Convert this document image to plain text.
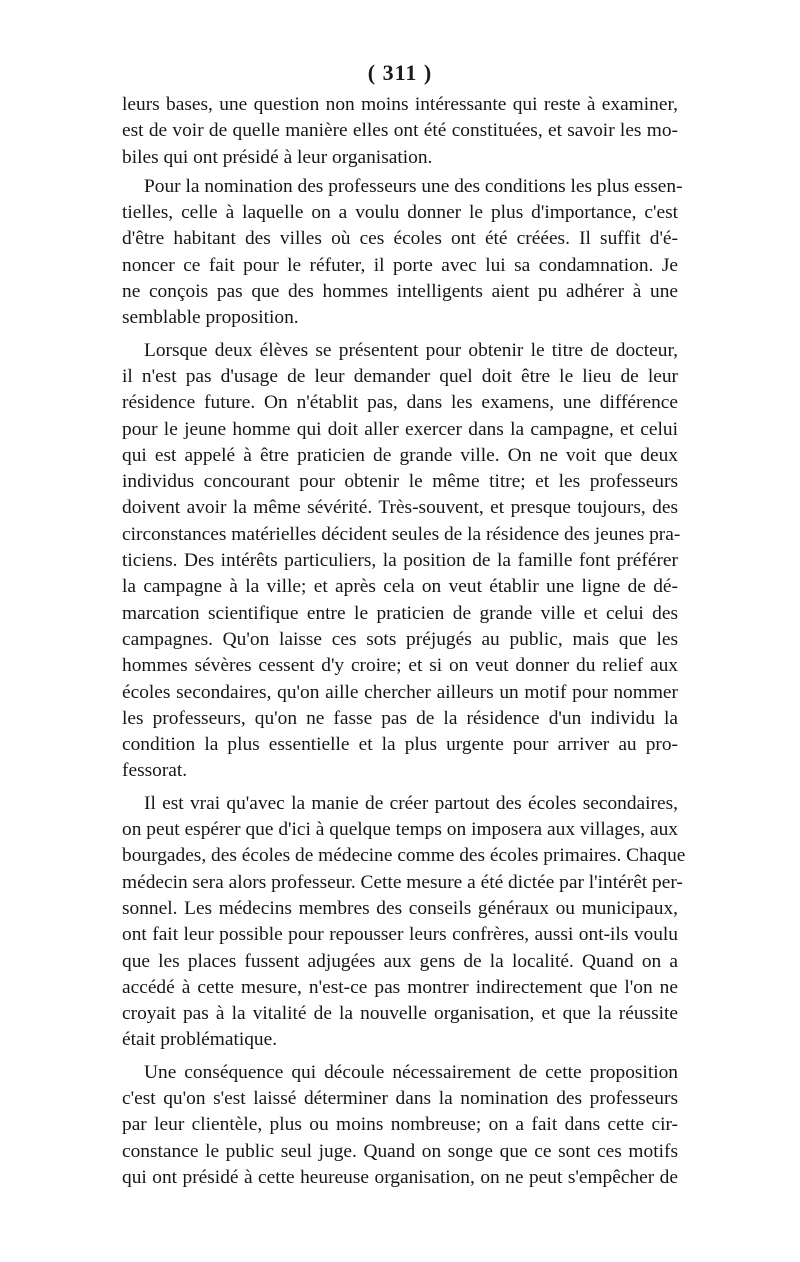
( 311 )
leurs bases, une question non moins intéressante qui reste à examiner,
est de voir de quelle manière elles ont été constituées, et savoir les mo-
biles qui ont présidé à leur organisation.
Pour la nomination des professeurs une des conditions les plus essen-
tielles, celle à laquelle on a voulu donner le plus d'importance, c'est
d'être habitant des villes où ces écoles ont été créées. Il suffit d'é-
noncer ce fait pour le réfuter, il porte avec lui sa condamnation. Je
ne conçois pas que des hommes intelligents aient pu adhérer à une
semblable proposition.
Lorsque deux élèves se présentent pour obtenir le titre de docteur,
il n'est pas d'usage de leur demander quel doit être le lieu de leur
résidence future. On n'établit pas, dans les examens, une différence
pour le jeune homme qui doit aller exercer dans la campagne, et celui
qui est appelé à être praticien de grande ville. On ne voit que deux
individus concourant pour obtenir le même titre; et les professeurs
doivent avoir la même sévérité. Très-souvent, et presque toujours, des
circonstances matérielles décident seules de la résidence des jeunes pra-
ticiens. Des intérêts particuliers, la position de la famille font préférer
la campagne à la ville; et après cela on veut établir une ligne de dé-
marcation scientifique entre le praticien de grande ville et celui des
campagnes. Qu'on laisse ces sots préjugés au public, mais que les
hommes sévères cessent d'y croire; et si on veut donner du relief aux
écoles secondaires, qu'on aille chercher ailleurs un motif pour nommer
les professeurs, qu'on ne fasse pas de la résidence d'un individu la
condition la plus essentielle et la plus urgente pour arriver au pro-
fessorat.
Il est vrai qu'avec la manie de créer partout des écoles secondaires,
on peut espérer que d'ici à quelque temps on imposera aux villages, aux
bourgades, des écoles de médecine comme des écoles primaires. Chaque
médecin sera alors professeur. Cette mesure a été dictée par l'intérêt per-
sonnel. Les médecins membres des conseils généraux ou municipaux,
ont fait leur possible pour repousser leurs confrères, aussi ont-ils voulu
que les places fussent adjugées aux gens de la localité. Quand on a
accédé à cette mesure, n'est-ce pas montrer indirectement que l'on ne
croyait pas à la vitalité de la nouvelle organisation, et que la réussite
était problématique.
Une conséquence qui découle nécessairement de cette proposition
c'est qu'on s'est laissé déterminer dans la nomination des professeurs
par leur clientèle, plus ou moins nombreuse; on a fait dans cette cir-
constance le public seul juge. Quand on songe que ce sont ces motifs
qui ont présidé à cette heureuse organisation, on ne peut s'empêcher de
